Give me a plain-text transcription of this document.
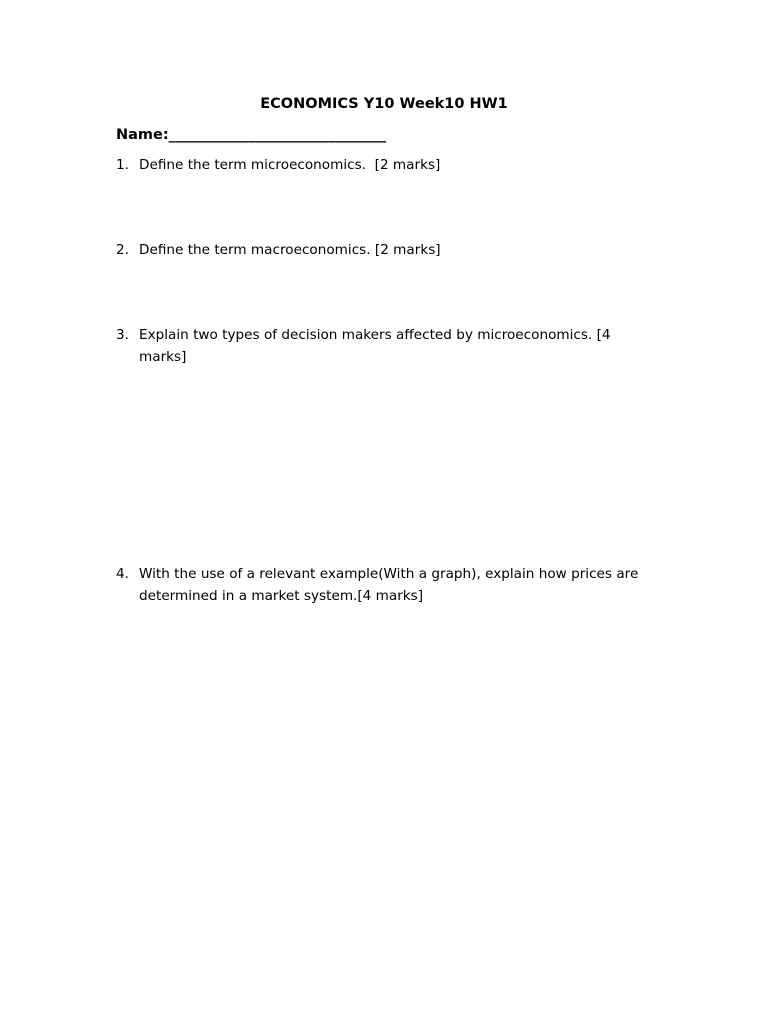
ECONOMICS Y10 Week10 HW1
Name:______________________________
1. Define the term microeconomics.  [2 marks]
2. Define the term macroeconomics. [2 marks]
3. Explain two types of decision makers affected by microeconomics. [4 marks]
4. With the use of a relevant example(With a graph), explain how prices are determined in a market system.[4 marks]
